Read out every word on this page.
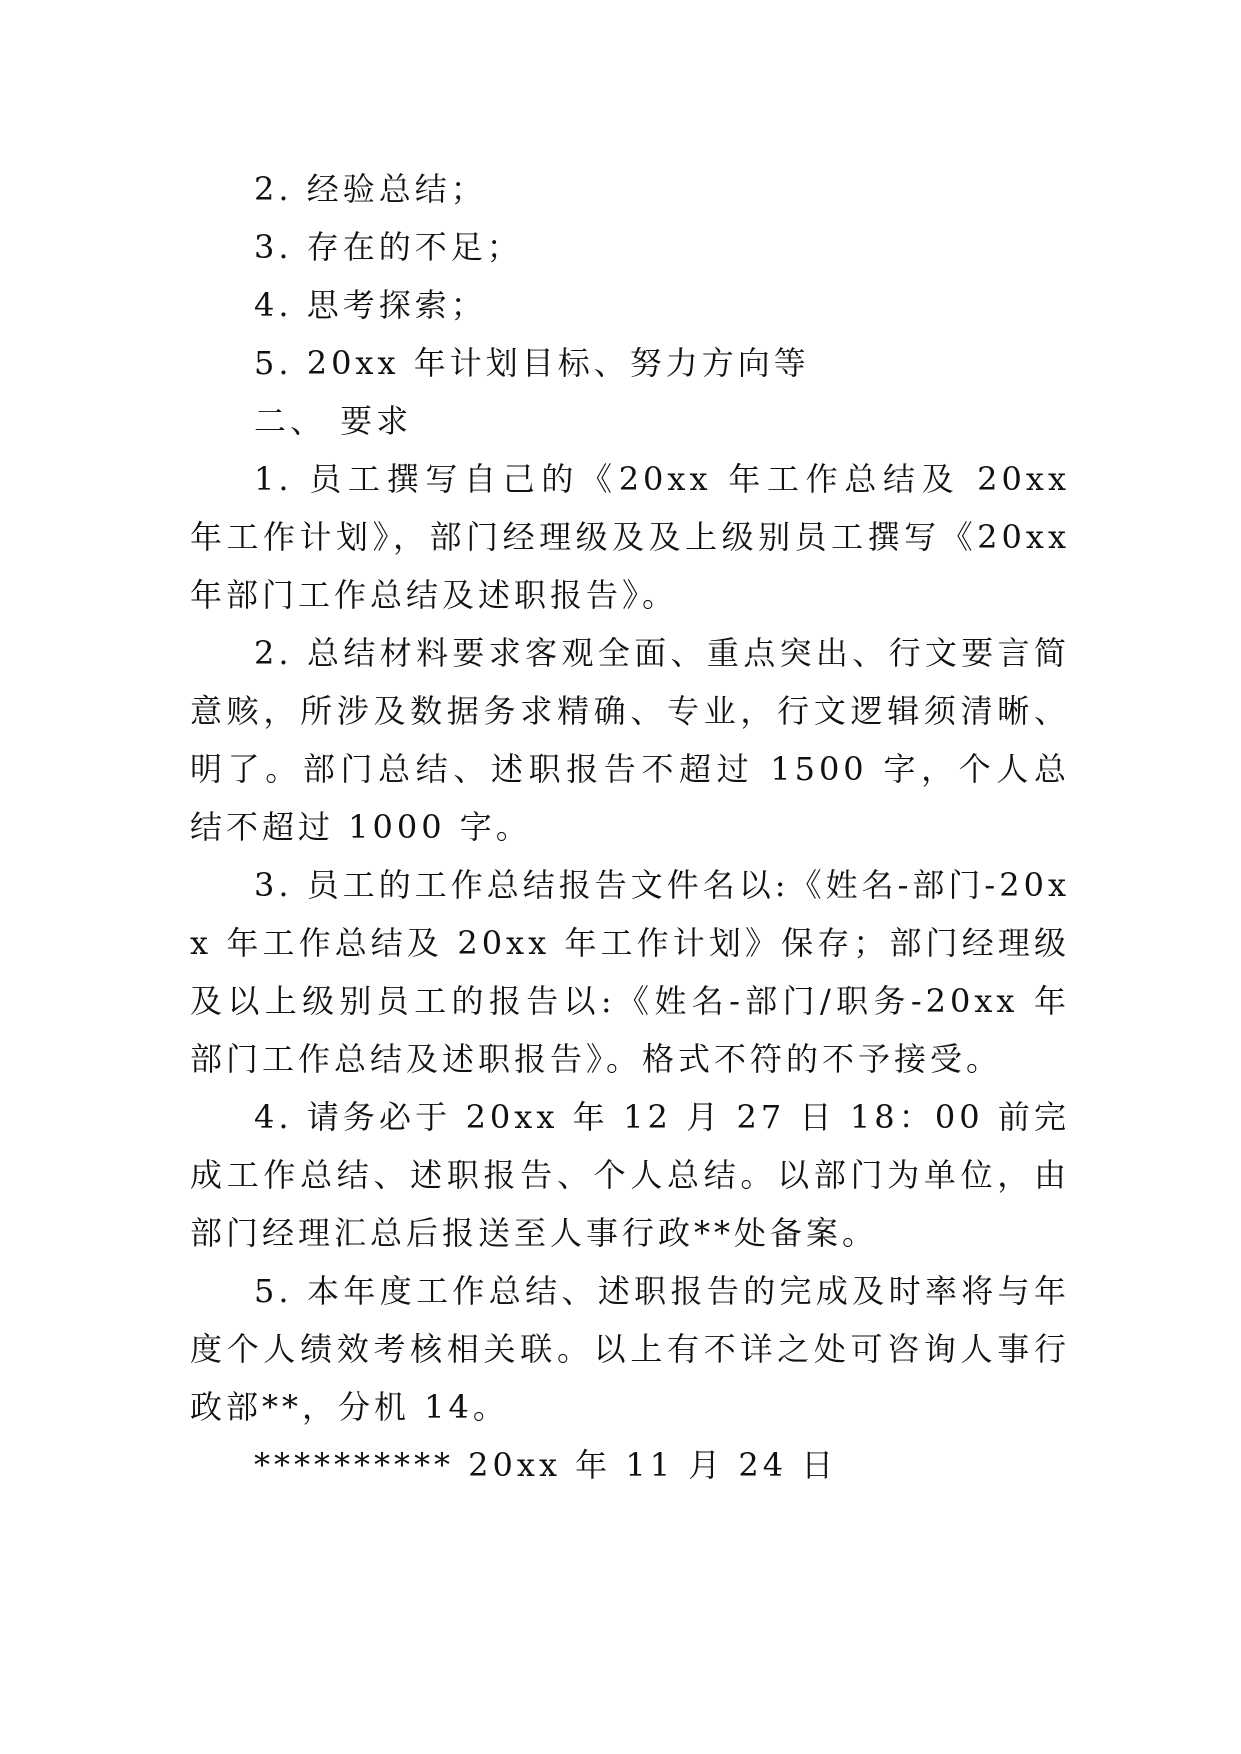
2. 经验总结；

3. 存在的不足；

4. 思考探索；

5. 20xx 年计划目标、努力方向等

二、 要求

1. 员工撰写自己的《20xx 年工作总结及 20xx 年工作计划》，部门经理级及及上级别员工撰写《20xx 年部门工作总结及述职报告》。

2. 总结材料要求客观全面、重点突出、行文要言简意赅，所涉及数据务求精确、专业，行文逻辑须清晰、明了。部门总结、述职报告不超过 1500 字，个人总结不超过 1000 字。

3. 员工的工作总结报告文件名以:《姓名-部门-20xx 年工作总结及 20xx 年工作计划》保存；部门经理级及以上级别员工的报告以:《姓名-部门/职务-20xx 年部门工作总结及述职报告》。格式不符的不予接受。

4. 请务必于 20xx 年 12 月 27 日 18：00 前完成工作总结、述职报告、个人总结。以部门为单位，由部门经理汇总后报送至人事行政**处备案。

5. 本年度工作总结、述职报告的完成及时率将与年度个人绩效考核相关联。以上有不详之处可咨询人事行政部**，分机 14。

********** 20xx 年 11 月 24 日
